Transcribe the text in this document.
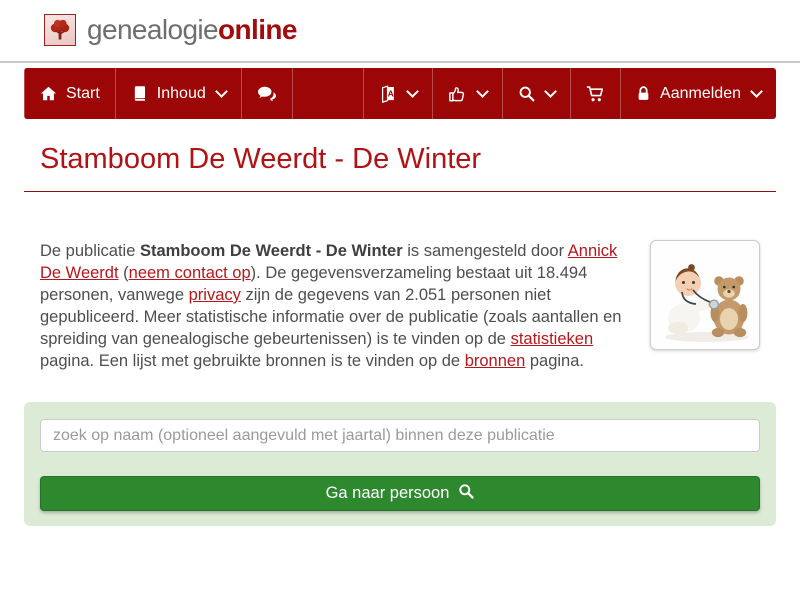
genealogieonline
Start	Inhoud	A	Aanmelden
Stamboom De Weerdt - De Winter

De publicatie Stamboom De Weerdt - De Winter is samengesteld door Annick De Weerdt (neem contact op). De gegevensverzameling bestaat uit 18.494 personen, vanwege privacy zijn de gegevens van 2.051 personen niet gepubliceerd. Meer statistische informatie over de publicatie (zoals aantallen en spreiding van genealogische gebeurtenissen) is te vinden op de statistieken pagina. Een lijst met gebruikte bronnen is te vinden op de bronnen pagina.

zoek op naam (optioneel aangevuld met jaartal) binnen deze publicatie
Ga naar persoon
